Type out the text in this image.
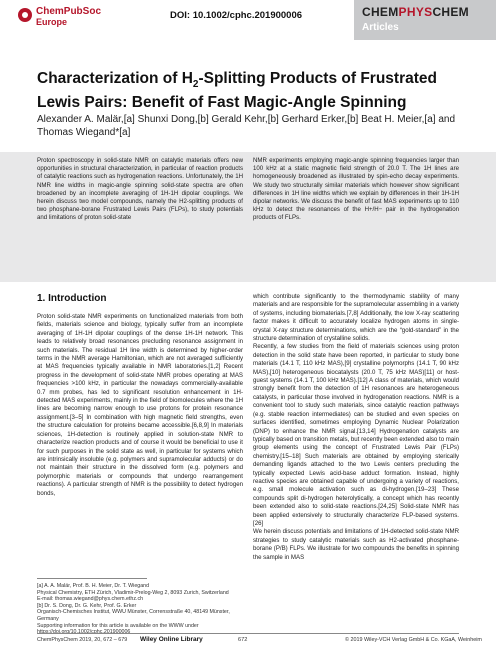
ChemPubSoc
Europe
DOI: 10.1002/cphc.201900006	CHEMPHYSCHEM
Articles
Characterization of $H_2$-Splitting Products of Frustrated Lewis Pairs: Benefit of Fast Magic-Angle Spinning
Alexander A. Malär,[a] Shunxi Dong,[b] Gerald Kehr,[b] Gerhard Erker,[b] Beat H. Meier,[a] and Thomas Wiegand*[a]
Proton spectroscopy in solid-state NMR on catalytic materials offers new opportunities in structural characterization, in particular of reaction products of catalytic reactions such as hydrogenation reactions. Unfortunately, the 1H NMR line widths in magic-angle spinning solid-state spectra are often broadened by an incomplete averaging of 1H-1H dipolar couplings. We herein discuss two model compounds, namely the H2-splitting products of two phosphane-borane Frustrated Lewis Pairs (FLPs), to study potentials and limitations of proton solid-state
NMR experiments employing magic-angle spinning frequencies larger than 100 kHz at a static magnetic field strength of 20.0 T. The 1H lines are homogeneously broadened as illustrated by spin-echo decay experiments. We study two structurally similar materials which however show significant differences in 1H line widths which we explain by differences in their 1H-1H dipolar networks. We discuss the benefit of fast MAS experiments up to 110 kHz to detect the resonances of the H+/H− pair in the hydrogenation products of FLPs.
1. Introduction
Proton solid-state NMR experiments on functionalized materials from both fields, materials science and biology, typically suffer from an incomplete averaging of 1H-1H dipolar couplings of the dense 1H-1H network. This leads to relatively broad resonances precluding resonance assignment in such materials. The residual 1H line width is determined by higher-order terms in the NMR average Hamiltonian, which are not averaged sufficiently at MAS frequencies typically available in NMR laboratories.[1,2] Recent progress in the development of solid-state NMR probes operating at MAS frequencies >100 kHz, in particular the nowadays commercially-available 0.7 mm probes, has led to significant resolution enhancement in 1H-detected MAS experiments, mainly in the field of biomolecules where the 1H lines are becoming narrow enough to use protons for protein resonance assignment.[3–5] In combination with high magnetic field strengths, even the structure calculation for proteins became accessible.[6,8,9] In materials sciences, 1H-detection is routinely applied in solution-state NMR to characterize reaction products and of course it would be beneficial to use it for such purposes in the solid state as well, in particular for systems which are intrinsically insoluble (e.g. polymers and supramolecular adducts) or do not maintain their structure in the dissolved form (e.g. polymers and polymorphic materials or compounds that undergo rearrangement reactions). A particular strength of NMR is the possibility to detect hydrogen bonds,
which contribute significantly to the thermodynamic stability of many materials and are responsible for the supramolecular assembling in a variety of systems, including biomaterials.[7,8] Additionally, the low X-ray scattering factor makes it difficult to accurately localize hydrogen atoms in single-crystal X-ray structure determinations, which are the “gold-standard” in the structure determination of crystalline solids.
Recently, a few studies from the field of materials sciences using proton detection in the solid state have been reported, in particular to study bone materials (14.1 T, 110 kHz MAS),[9] crystalline polymorphs (14.1 T, 90 kHz MAS),[10] heterogeneous biocatalysts (20.0 T, 75 kHz MAS)[11] or host-guest systems (14.1 T, 100 kHz MAS).[12] A class of materials, which would strongly benefit from the detection of 1H resonances are heterogeneous catalysts, in particular those involved in hydrogenation reactions. NMR is a convenient tool to study such materials, since catalytic reaction pathways (e.g. stable reaction intermediates) can be studied and even species on surfaces identified, sometimes employing Dynamic Nuclear Polarization (DNP) to enhance the NMR signal.[13,14] Hydrogenation catalysts are typically based on transition metals, but recently been extended also to main group elements using the concept of Frustrated Lewis Pair (FLPs) chemistry.[15–18] Such materials are obtained by employing sterically demanding ligands attached to the two Lewis centers precluding the typically expected Lewis acid-base adduct formation. Instead, highly reactive species are obtained capable of undergoing a variety of reactions, e.g. small molecule activation such as di-hydrogen.[19–23] These compounds split di-hydrogen heterolytically, a concept which has recently been extended also to solid-state reactions.[24,25] Solid-state NMR has been applied extensively to structurally characterize FLP-based systems.[26]
We herein discuss potentials and limitations of 1H-detected solid-state NMR strategies to study catalytic materials such as H2-activated phosphane-borane (P/B) FLPs. We illustrate for two compounds the benefits in spinning the sample in MAS

[a] A. A. Malär, Prof. B. H. Meier, Dr. T. Wiegand

Physical Chemistry, ETH Zürich, Vladimir-Prelog-Weg 2, 8093 Zurich, Switzerland

E-mail: thomas.wiegand@phys.chem.ethz.ch

[b] Dr. S. Dong, Dr. G. Kehr, Prof. G. Erker

Organisch-Chemisches Institut, WWU Münster, Corrensstraße 40, 48149 Münster, Germany

Supporting information for this article is available on the WWW under https://doi.org/10.1002/cphc.201900006

ChemPhysChem 2019, 20, 672 – 679 Wiley Online Library	672	© 2019 Wiley-VCH Verlag GmbH & Co. KGaA, Weinheim
